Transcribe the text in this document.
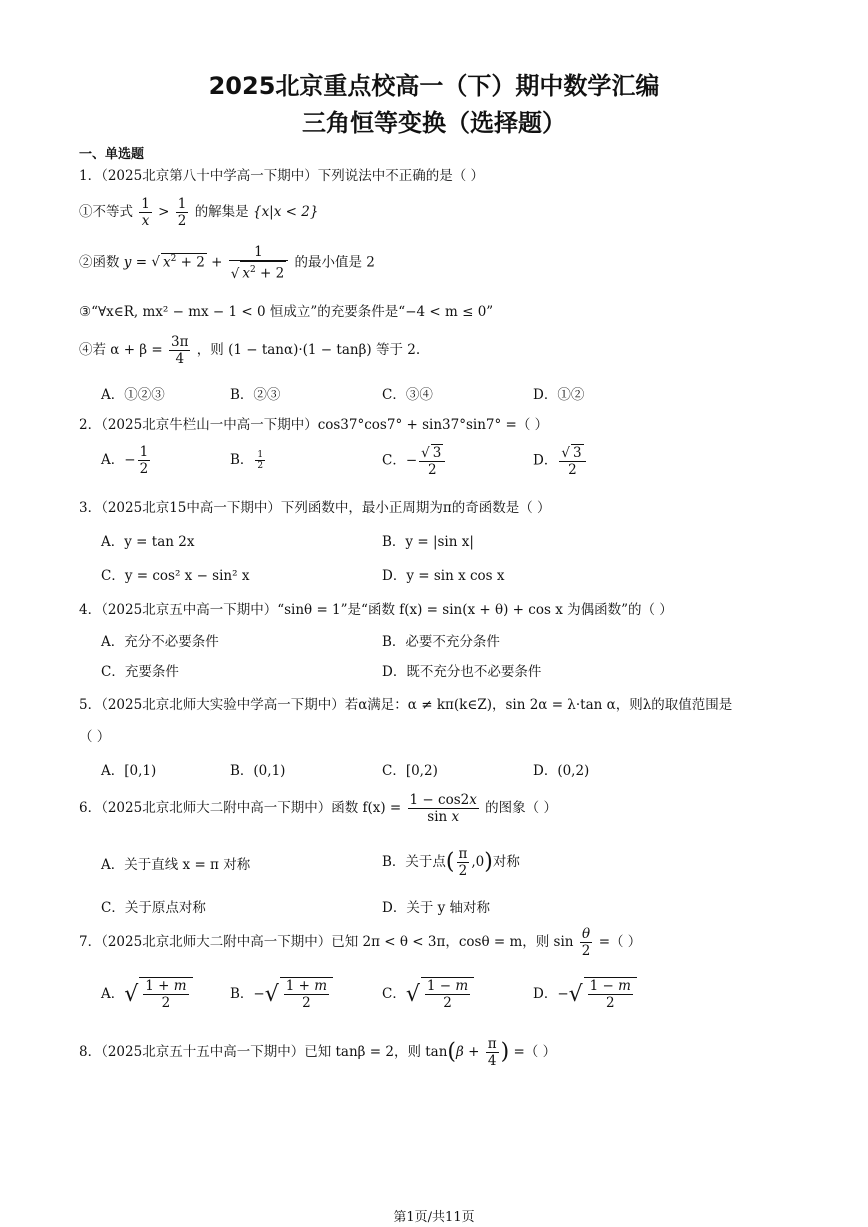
2025北京重点校高一（下）期中数学汇编
三角恒等变换（选择题）
一、单选题
1．（2025北京第八十中学高一下期中）下列说法中不正确的是（ ）
①不等式 $\frac{1}{x} > \frac{1}{2}$ 的解集是 {x|x < 2}
②函数 y = √ $x^2 + 2 + 1$
√ $x^2 + 2$ 的最小值是 2
③“∀x∈R, mx² − mx − 1 < 0 恒成立”的充要条件是“−4 < m ≤ 0”
④若 $\alpha + \beta = \frac{3\pi}{4}$ ，则 (1 − tanα)·(1 − tanβ) 等于 2.
A．①②③	B．②③	C．③④	D．①②
2．（2025北京牛栏山一中高一下期中）cos37°cos7° + sin37°sin7° =（ ）
A．− $\frac{1}{2}$	B． $\frac{1}{2}$	C．− √ $\frac{3}{2}$	D． √ $\frac{3}{2}$
3．（2025北京15中高一下期中）下列函数中，最小正周期为π的奇函数是（ ）
A．y = tan 2x	B．y = |sin x|
C．y = cos² x − sin² x	D．y = sin x cos x
4．（2025北京五中高一下期中）“sinθ = 1”是“函数 f(x) = sin(x + θ) + cos x 为偶函数”的（ ）
A．充分不必要条件	B．必要不充分条件
C．充要条件	D．既不充分也不必要条件
5．（2025北京北师大实验中学高一下期中）若α满足：α ≠ kπ(k∈Z)，sin 2α = λ·tan α，则λ的取值范围是
（ ）
A．[0,1)	B．(0,1)	C．[0,2)	D．(0,2)
6．（2025北京北师大二附中高一下期中）函数 $f(x) = \frac{1 - \cos 2x}{\text{sin x}}$ 的图象（ ）
A．关于直线 x = π 对称	B．关于点( $\frac{\pi}{2} ,0$)对称
C．关于原点对称	D．关于 y 轴对称
7．（2025北京北师大二附中高一下期中）已知 2π < θ < 3π，cosθ = m，则 $\sin \frac{\theta}{2}$ =（ ）
A． √ $\frac{1 + m}{2}$	B．− √ $\frac{1 + m}{2}$	C． √ $\frac{1 - m}{2}$	D．− √ $\frac{1 - m}{2}$
8．（2025北京五十五中高一下期中）已知 tanβ = 2，则 $\tan(\beta + \frac{\pi}{4}$ ) =（ ）
第1页/共11页
